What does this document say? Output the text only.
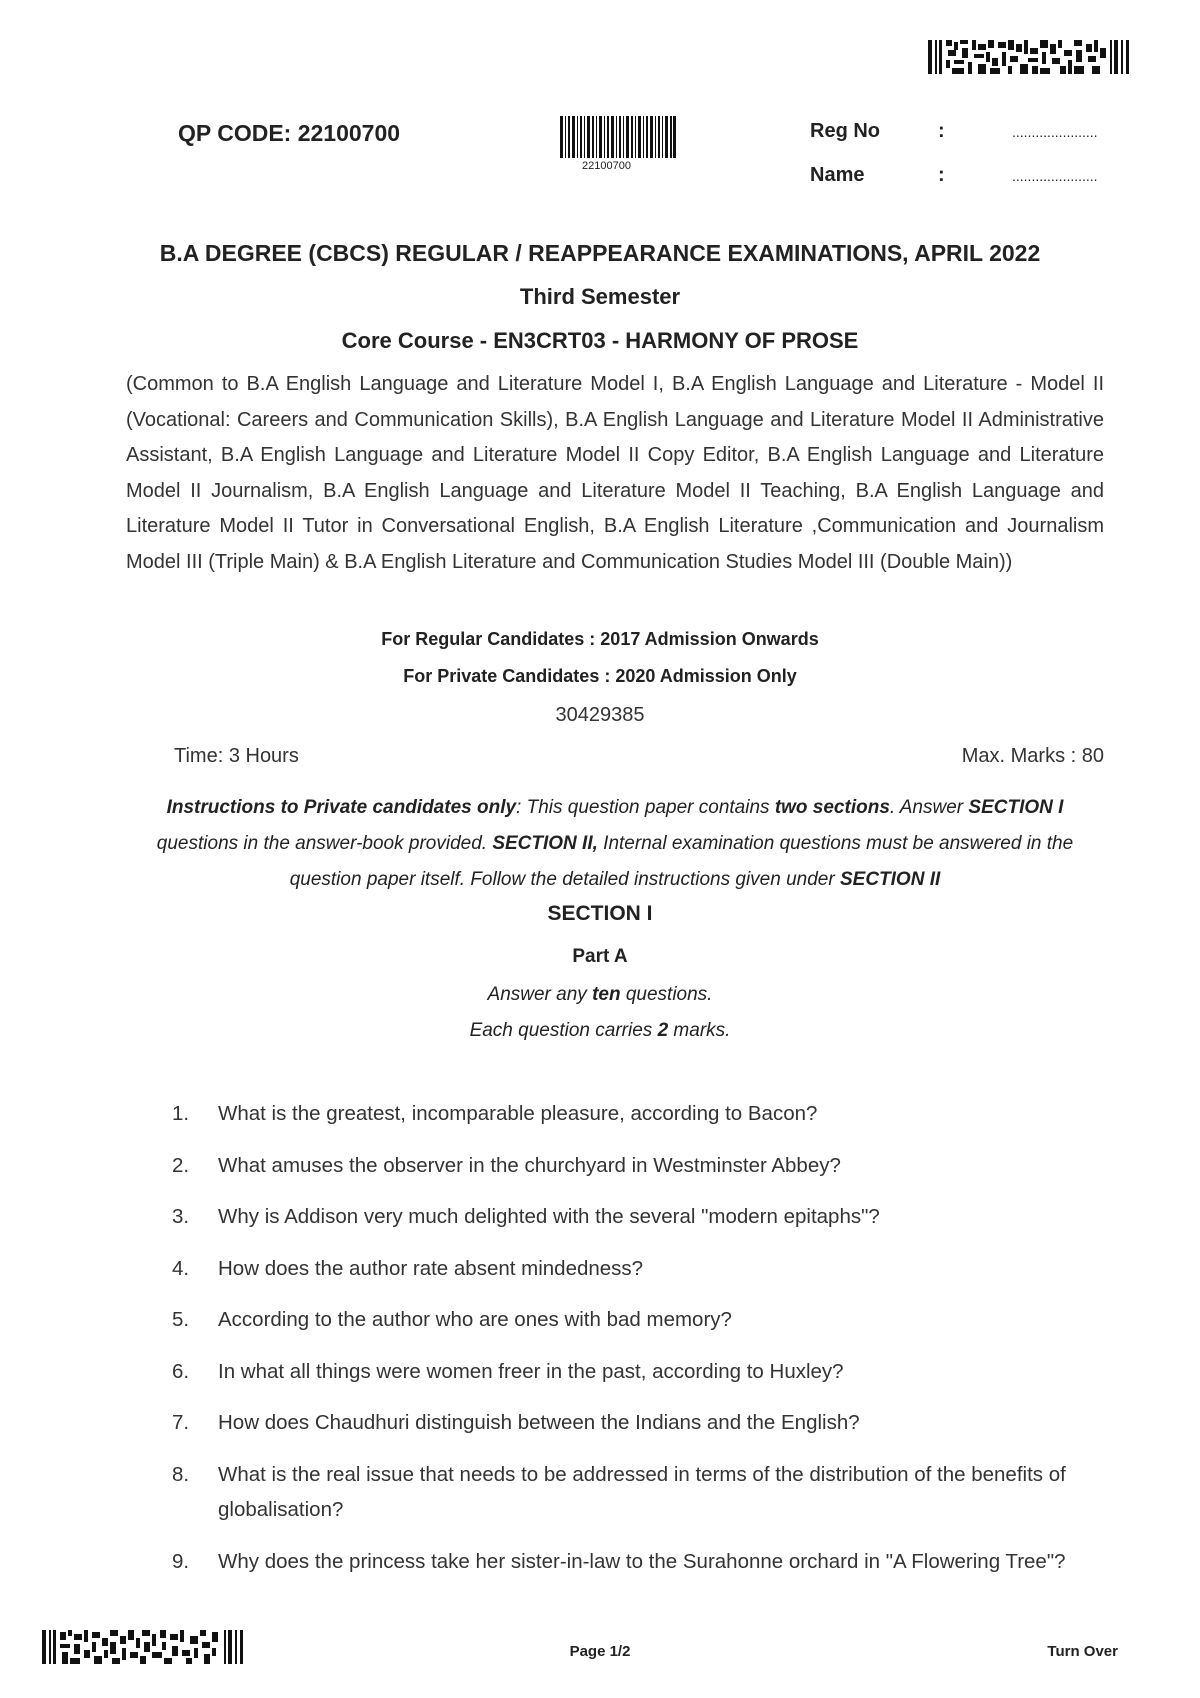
QP CODE: 22100700
22100700
Reg No	:	......................
Name	:	......................
B.A DEGREE (CBCS) REGULAR / REAPPEARANCE EXAMINATIONS, APRIL 2022
Third Semester
Core Course - EN3CRT03 - HARMONY OF PROSE
(Common to B.A English Language and Literature Model I, B.A English Language and Literature - Model II (Vocational: Careers and Communication Skills), B.A English Language and Literature Model II Administrative Assistant, B.A English Language and Literature Model II Copy Editor, B.A English Language and Literature Model II Journalism, B.A English Language and Literature Model II Teaching, B.A English Language and Literature Model II Tutor in Conversational English, B.A English Literature ,Communication and Journalism Model III (Triple Main) & B.A English Literature and Communication Studies Model III (Double Main))
For Regular Candidates : 2017 Admission Onwards
For Private Candidates : 2020 Admission Only
30429385
Time: 3 Hours	Max. Marks : 80
Instructions to Private candidates only: This question paper contains two sections. Answer SECTION I questions in the answer-book provided. SECTION II, Internal examination questions must be answered in the question paper itself. Follow the detailed instructions given under SECTION II
SECTION I
Part A
Answer any ten questions.
Each question carries 2 marks.
1.	What is the greatest, incomparable pleasure, according to Bacon?
2.	What amuses the observer in the churchyard in Westminster Abbey?
3.	Why is Addison very much delighted with the several "modern epitaphs"?
4.	How does the author rate absent mindedness?
5.	According to the author who are ones with bad memory?
6.	In what all things were women freer in the past, according to Huxley?
7.	How does Chaudhuri distinguish between the Indians and the English?
8.	What is the real issue that needs to be addressed in terms of the distribution of the benefits of globalisation?
9.	Why does the princess take her sister-in-law to the Surahonne orchard in "A Flowering Tree"?
Page 1/2	Turn Over
